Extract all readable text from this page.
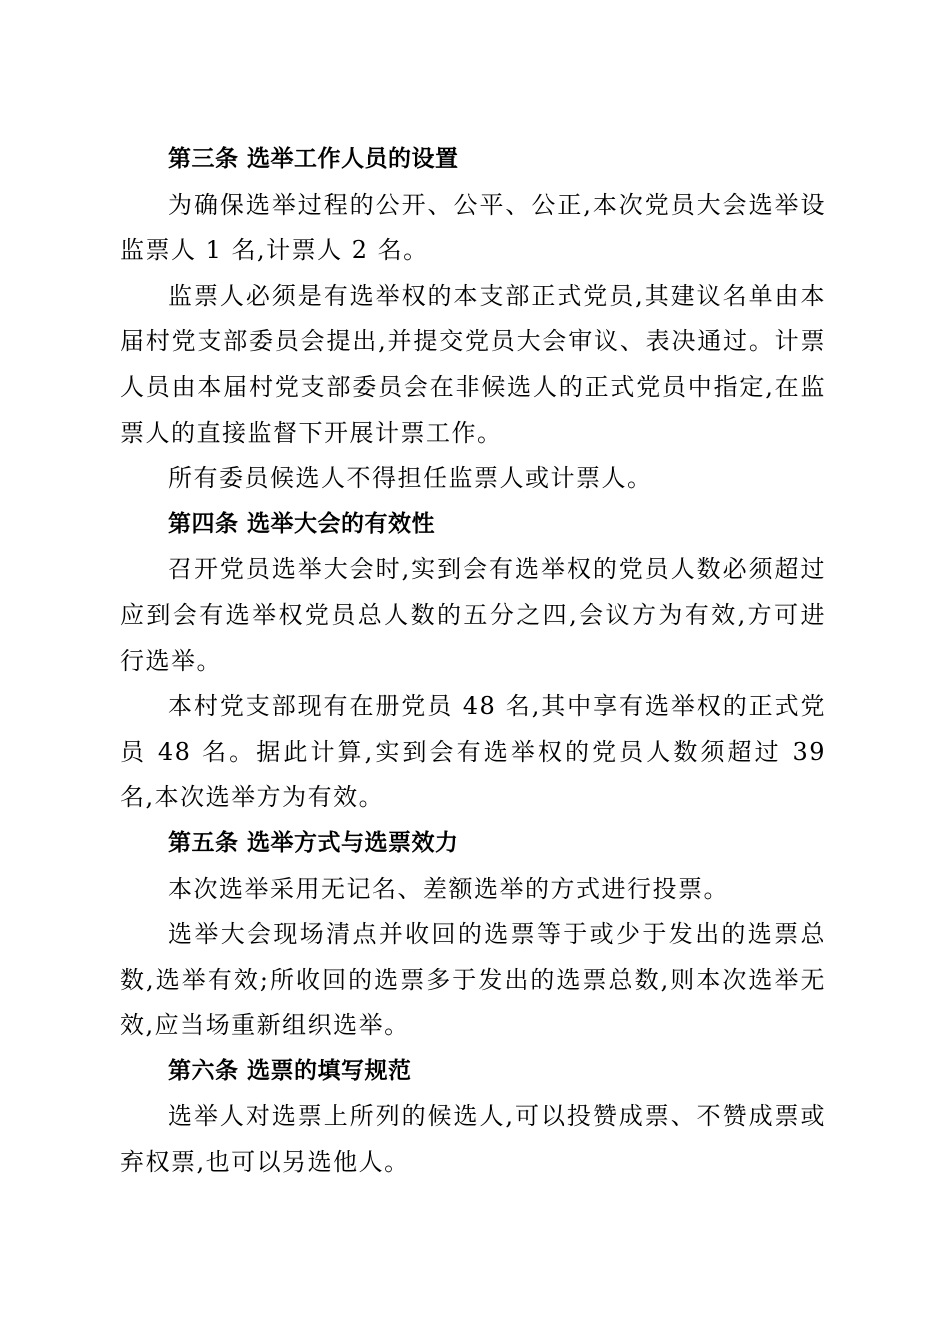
第三条 选举工作人员的设置

为确保选举过程的公开、公平、公正,本次党员大会选举设监票人 1 名,计票人 2 名。

监票人必须是有选举权的本支部正式党员,其建议名单由本届村党支部委员会提出,并提交党员大会审议、表决通过。计票人员由本届村党支部委员会在非候选人的正式党员中指定,在监票人的直接监督下开展计票工作。

所有委员候选人不得担任监票人或计票人。

第四条 选举大会的有效性

召开党员选举大会时,实到会有选举权的党员人数必须超过应到会有选举权党员总人数的五分之四,会议方为有效,方可进行选举。

本村党支部现有在册党员 48 名,其中享有选举权的正式党员 48 名。据此计算,实到会有选举权的党员人数须超过 39 名,本次选举方为有效。

第五条 选举方式与选票效力

本次选举采用无记名、差额选举的方式进行投票。

选举大会现场清点并收回的选票等于或少于发出的选票总数,选举有效;所收回的选票多于发出的选票总数,则本次选举无效,应当场重新组织选举。

第六条 选票的填写规范

选举人对选票上所列的候选人,可以投赞成票、不赞成票或弃权票,也可以另选他人。
